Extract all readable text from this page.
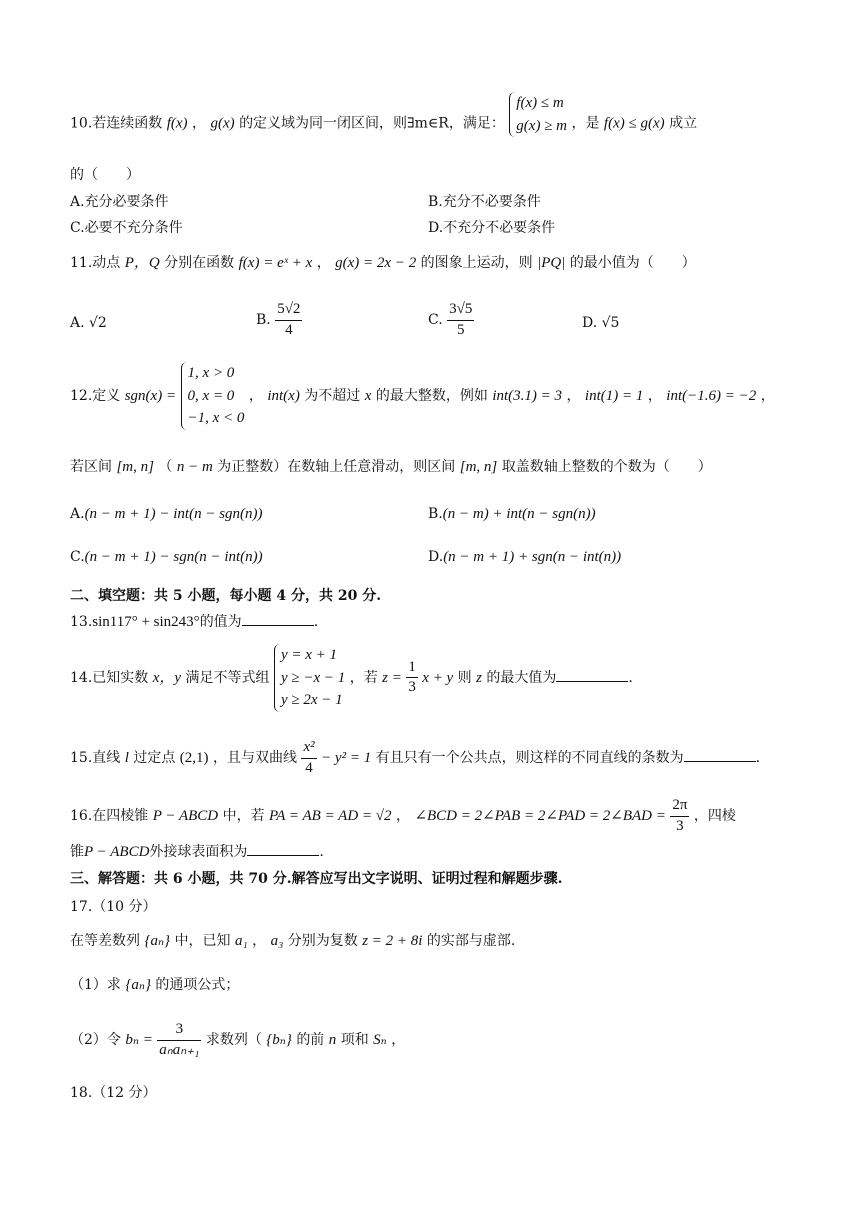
10.若连续函数 f(x) ， g(x) 的定义域为同一闭区间，则∃m∈R，满足：
f(x) ≤ m
g(x) ≥ m ，是 f(x) ≤ g(x) 成立
的（　　）
A.充分必要条件	B.充分不必要条件
C.必要不充分条件	D.不充分不必要条件
11.动点 P，Q 分别在函数 f(x) = eˣ + x ， g(x) = 2x − 2 的图象上运动，则 |PQ| 的最小值为（　　）
A. √2	B. $\frac{5√2}{4}$	C. $\frac{3√5}{5}$	D. √5
12.定义 sgn(x) =
1, x > 0
0, x = 0
−1, x < 0
， int(x) 为不超过 x 的最大整数，例如 int(3.1) = 3 ， int(1) = 1 ， int(−1.6) = −2 ，
若区间 [m, n] （ n − m 为正整数）在数轴上任意滑动，则区间 [m, n] 取盖数轴上整数的个数为（　　）
A.(n − m + 1) − int(n − sgn(n))	B.(n − m) + int(n − sgn(n))
C.(n − m + 1) − sgn(n − int(n))	D.(n − m + 1) + sgn(n − int(n))
二、填空题：共 5 小题，每小题 4 分，共 20 分.
13.sin117° + sin243°的值为	.
14.已知实数 x，y 满足不等式组
y = x + 1
y ≥ −x − 1
y ≥ 2x − 1
，若 $z = \frac{1}{3}$ x + y 则 z 的最大值为	.
15.直线 l 过定点 (2,1) ，且与双曲线 $\frac{\text{x²}}{4} - y^2 = 1$ 有且只有一个公共点，则这样的不同直线的条数为	.
16.在四棱锥 P − ABCD 中，若 PA = AB = AD = √2 ， ∠BCD = 2∠PAB = 2∠PAD = 2∠BAD = $\frac{2\pi}{3}$ ，四棱
锥P − ABCD外接球表面积为	.
三、解答题：共 6 小题，共 70 分.解答应写出文字说明、证明过程和解题步骤.
17.（10 分）
在等差数列 {aₙ} 中，已知 a₁ ， a₃ 分别为复数 z = 2 + 8i 的实部与虚部.
（1）求 {aₙ} 的通项公式；
（2）令 $b_n = \frac{3}{\text{aₙaₙ₊₁}}$ 求数列（ {bₙ} 的前 n 项和 Sₙ ，
18.（12 分）
